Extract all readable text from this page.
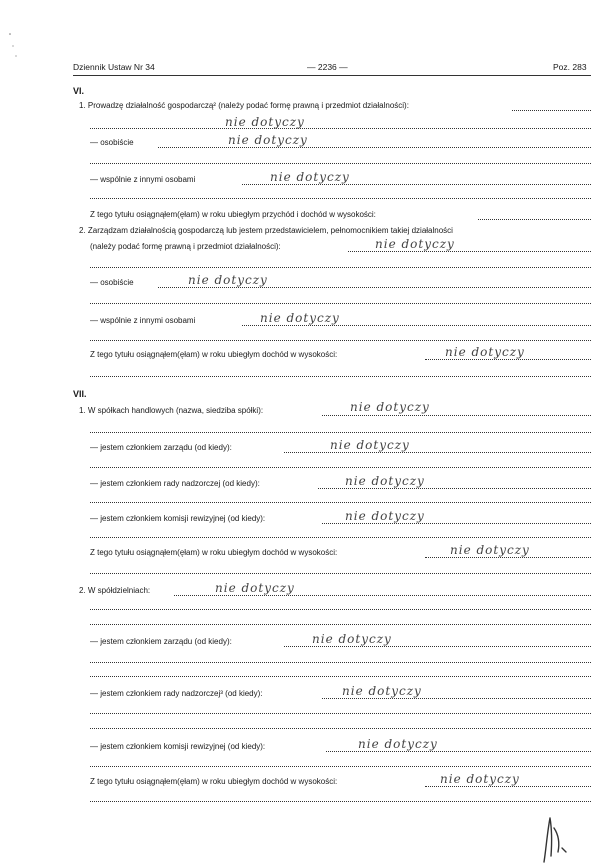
Dziennik Ustaw Nr 34	— 2236 —	Poz. 283
VI.
1. Prowadzę działalność gospodarczą² (należy podać formę prawną i przedmiot działalności):
nie dotyczy
— osobiście	nie dotyczy
— wspólnie z innymi osobami	nie dotyczy
Z tego tytułu osiągnąłem(ęłam) w roku ubiegłym przychód i dochód w wysokości:
2. Zarządzam działalnością gospodarczą lub jestem przedstawicielem, pełnomocnikiem takiej działalności
(należy podać formę prawną i przedmiot działalności):	nie dotyczy
— osobiście	nie dotyczy
— wspólnie z innymi osobami	nie dotyczy
Z tego tytułu osiągnąłem(ęłam) w roku ubiegłym dochód w wysokości:	nie dotyczy
VII.
1. W spółkach handlowych (nazwa, siedziba spółki):	nie dotyczy
— jestem członkiem zarządu (od kiedy):	nie dotyczy
— jestem członkiem rady nadzorczej (od kiedy):	nie dotyczy
— jestem członkiem komisji rewizyjnej (od kiedy):	nie dotyczy
Z tego tytułu osiągnąłem(ęłam) w roku ubiegłym dochód w wysokości:	nie dotyczy
2. W spółdzielniach:	nie dotyczy
— jestem członkiem zarządu (od kiedy):	nie dotyczy
— jestem członkiem rady nadzorczej³ (od kiedy):	nie dotyczy
— jestem członkiem komisji rewizyjnej (od kiedy):	nie dotyczy
Z tego tytułu osiągnąłem(ęłam) w roku ubiegłym dochód w wysokości:	nie dotyczy
